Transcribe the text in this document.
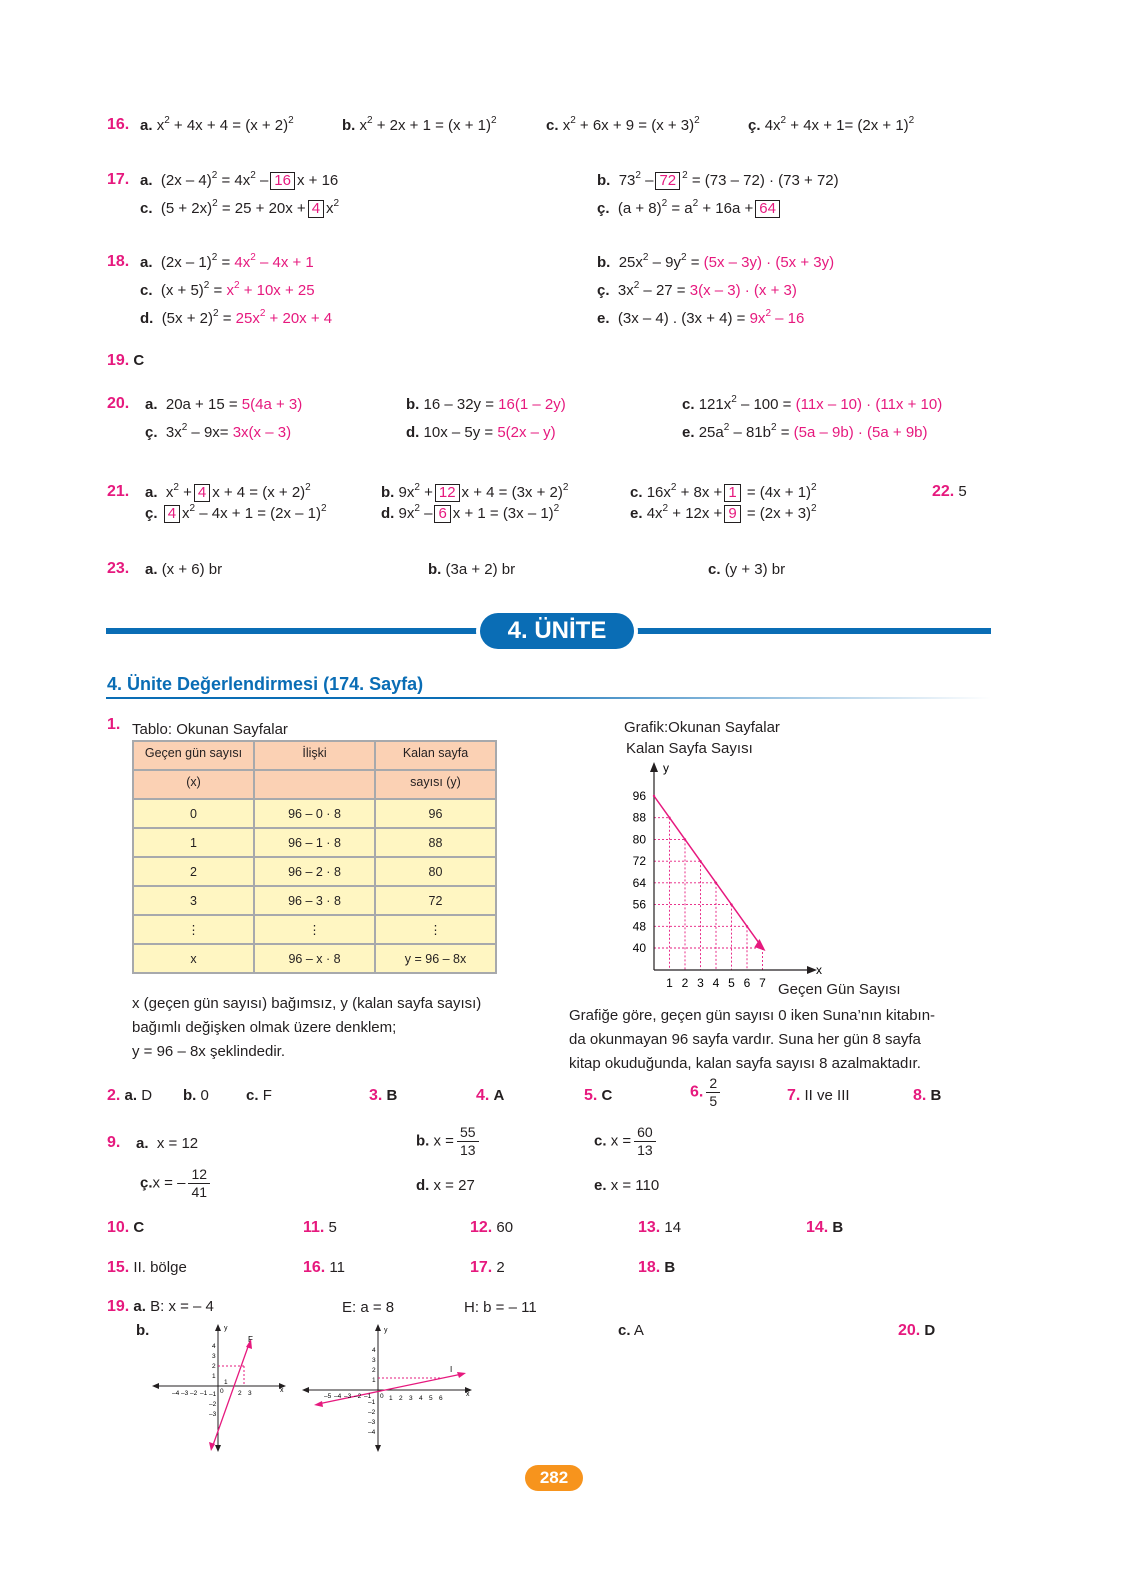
16. a. $x^2 + 4x + 4 = (x + 2)^2$	b. $x^2 + 2x + 1 = (x + 1)^2$	c. $x^2 + 6x + 9 = (x + 3)^2$	ç. $4x^2 + 4x + 1= (2x + 1)^2$
17. a. $(2x - 4)^2 = 4x^2 - 16$ x + 16	b. $73^2 - 72$ $^2$ = (73 – 72) · (73 + 72)
c. $(5 + 2x)^2 = 25 + 20x + 4$ $x^2$	ç. $(a + 8)^2 = a^2 + 16a + 64$
18. a. $(2x - 1)^2 = 4x^2 - 4x + 1$	b. $25x^2 - 9y^2 = (5x - 3y) \cdot (5x + 3y)$
c. $(x + 5)^2 = x^2 + 10x + 25$	ç. $3x^2 - 27 = 3(x - 3) \cdot (x + 3)$
d. $(5x + 2)^2 = 25x^2 + 20x + 4$	e. (3x – 4) . $(3x + 4) = 9x^2 - 16$
19. C
20. a. 20a + 15 = 5(4a + 3)	b. 16 – 32y = 16(1 – 2y)	c. $121x^2 - 100 = (11x - 10) \cdot (11x + 10)$
ç. $3x^2 - 9x= 3x(x - 3)$	d. 10x – 5y = 5(2x – y)	e. $25a^2 - 81b^2 = (5a - 9b) \cdot (5a + 9b)$
21. a. $x^2 + 4$ $x + 4 = (x + 2)^2$	b. $9x^2 + 12$ $x + 4 = (3x + 2)^2$	c. $16x^2 + 8x + 1 = (4x + 1)^2$
ç. 4 $x^2 - 4x + 1 = (2x - 1)^2$	d. $9x^2 - 6$ x + 1 = (3x – 1)$^2$	e. $4x^2 + 12x + 9 = (2x + 3)^2$
22. 5
23. a. (x + 6) br	b. (3a + 2) br	c. (y + 3) br
4. ÜNİTE
4. Ünite Değerlendirmesi (174. Sayfa)
1. Tablo: Okunan Sayfalar
Geçen gün sayısı	İlişki	Kalan sayfa
(x)		sayısı (y)
0	96 – 0 · 8	96
1	96 – 1 · 8	88
2	96 – 2 · 8	80
3	96 – 3 · 8	72
⋮	⋮	⋮
x	96 – x · 8	y = 96 – 8x
x (geçen gün sayısı) bağımsız, y (kalan sayfa sayısı)
bağımlı değişken olmak üzere denklem;
y = 96 – 8x şeklindedir.
Grafik:Okunan Sayfalar
Kalan Sayfa Sayısı
y
x
40
48
56
64
72
80
88
96
1 2 3 4 5 6 7 Geçen Gün Sayısı
Grafiğe göre, geçen gün sayısı 0 iken Suna’nın kitabın-
da okunmayan 96 sayfa vardır. Suna her gün 8 sayfa
kitap okuduğunda, kalan sayfa sayısı 8 azalmaktadır.
2. a. D b. 0 c. F	3. B	4. A	5. C	6. $\frac{2}{5}$	7. II ve III	8. B
9. a. x = 12	b. $x = \frac{55}{13}$	c. $x = \frac{60}{13}$
ç.x = – $\frac{12}{41}$	d. x = 27	e. x = 110
10. C	11. 5	12. 60	13. 14	14. B
15. II. bölge	16. 11	17. 2	18. B
19. a. B: x = – 4	E: a = 8	H: b = – 11
b.	c. A	20. D
F
y
x
–4 –3 –2 –1 0 2 3
4
3
2
1
1
–1
–2
–3
I
y
x
–5 –4 –3 –2 –1 0 1 2 3 4 5 6
4
3
2
1
–1
–2
–3
–4
282
